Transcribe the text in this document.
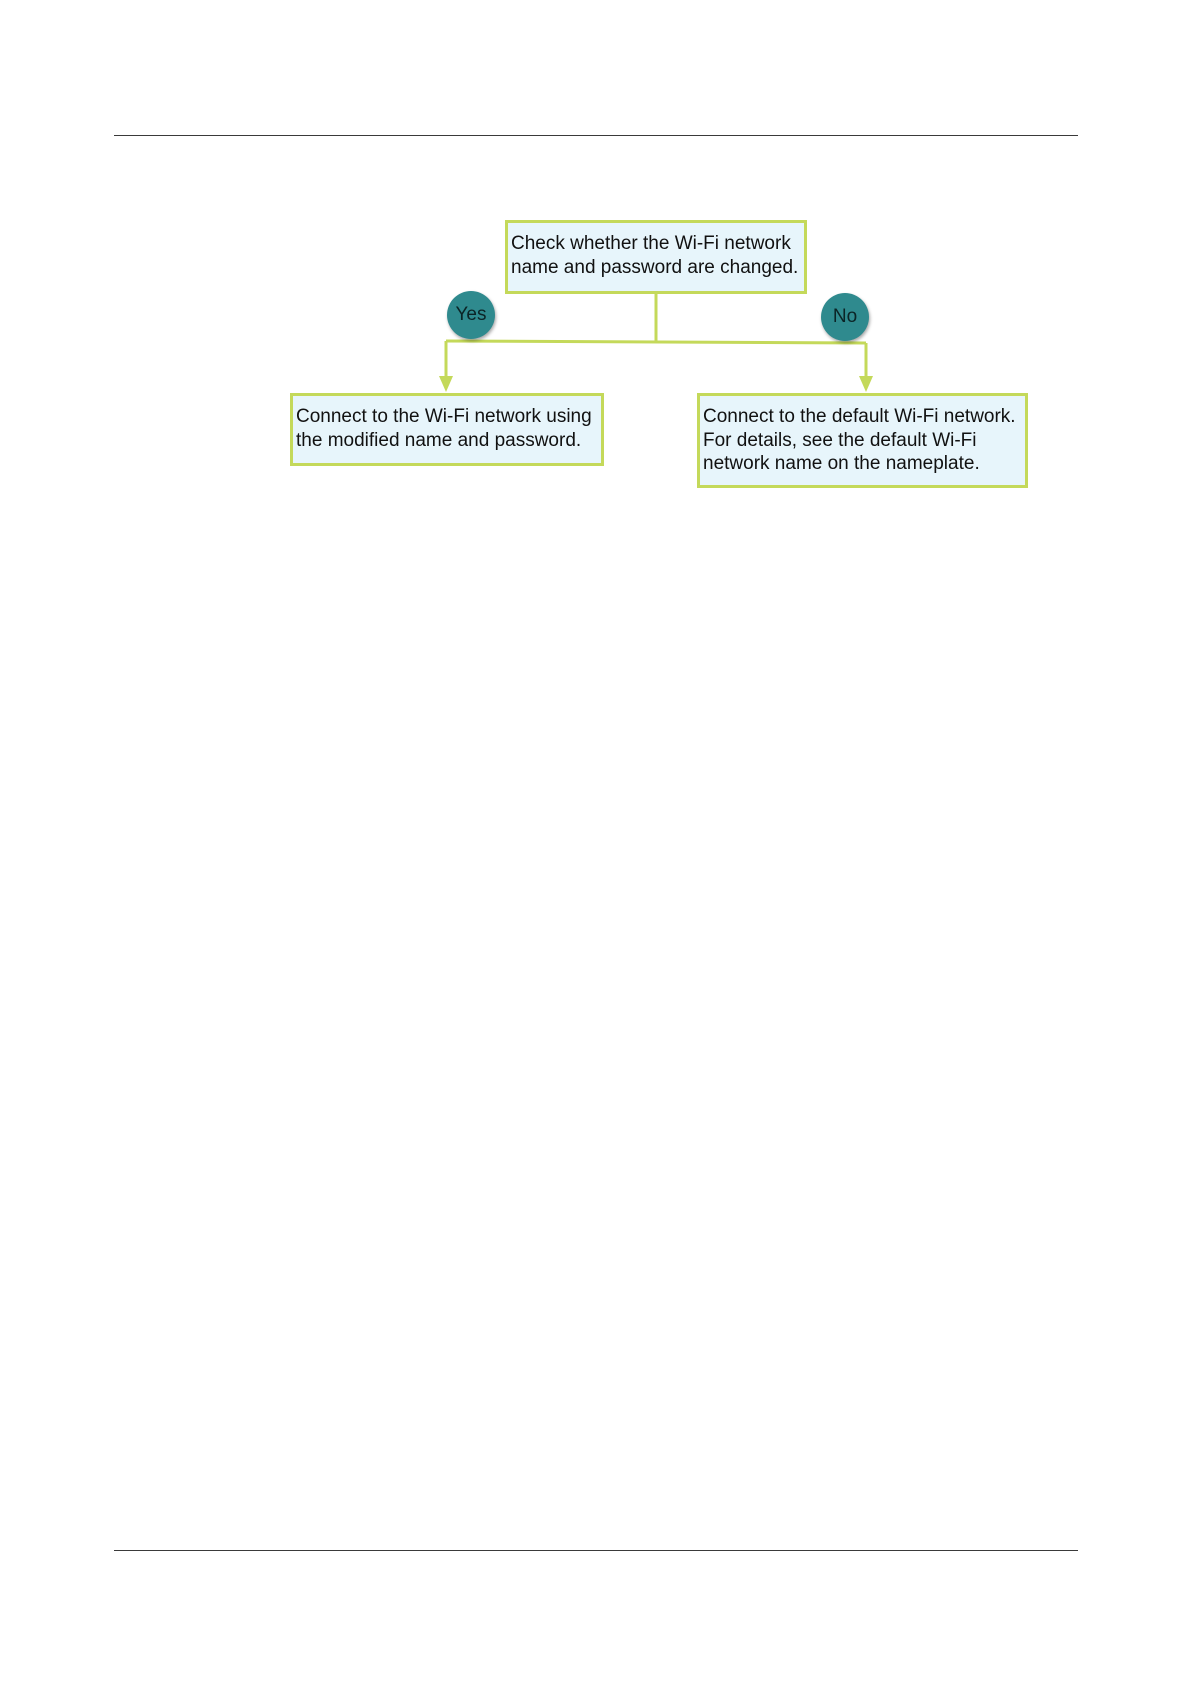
Check whether the Wi-Fi network
name and password are changed.
Yes	No
Connect to the Wi-Fi network using
the modified name and password.
Connect to the default Wi-Fi network.
For details, see the default Wi-Fi
network name on the nameplate.
